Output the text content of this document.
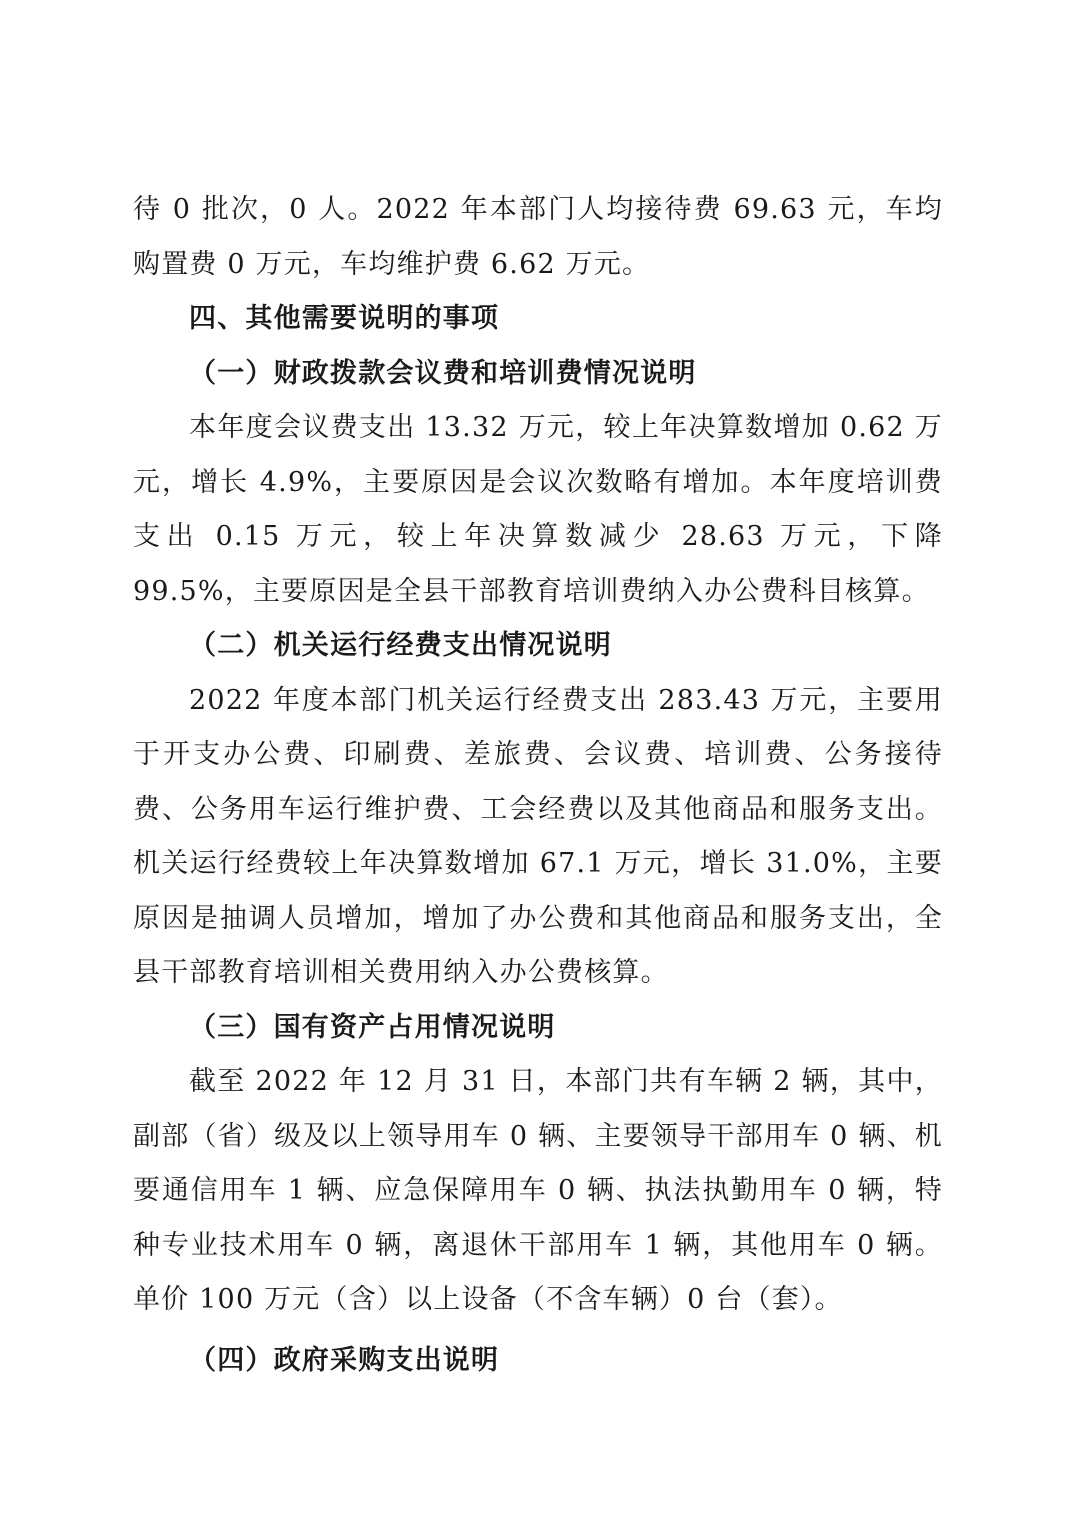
待 0 批次，0 人。2022 年本部门人均接待费 69.63 元，车均购置费 0 万元，车均维护费 6.62 万元。

四、其他需要说明的事项

（一）财政拨款会议费和培训费情况说明

本年度会议费支出 13.32 万元，较上年决算数增加 0.62 万元，增长 4.9%，主要原因是会议次数略有增加。本年度培训费支出 0.15 万元，较上年决算数减少 28.63 万元，下降 99.5%，主要原因是全县干部教育培训费纳入办公费科目核算。

（二）机关运行经费支出情况说明

2022 年度本部门机关运行经费支出 283.43 万元，主要用于开支办公费、印刷费、差旅费、会议费、培训费、公务接待费、公务用车运行维护费、工会经费以及其他商品和服务支出。机关运行经费较上年决算数增加 67.1 万元，增长 31.0%，主要原因是抽调人员增加，增加了办公费和其他商品和服务支出，全县干部教育培训相关费用纳入办公费核算。

（三）国有资产占用情况说明

截至 2022 年 12 月 31 日，本部门共有车辆 2 辆，其中，副部（省）级及以上领导用车 0 辆、主要领导干部用车 0 辆、机要通信用车 1 辆、应急保障用车 0 辆、执法执勤用车 0 辆，特种专业技术用车 0 辆，离退休干部用车 1 辆，其他用车 0 辆。单价 100 万元（含）以上设备（不含车辆）0 台（套）。

（四）政府采购支出说明
